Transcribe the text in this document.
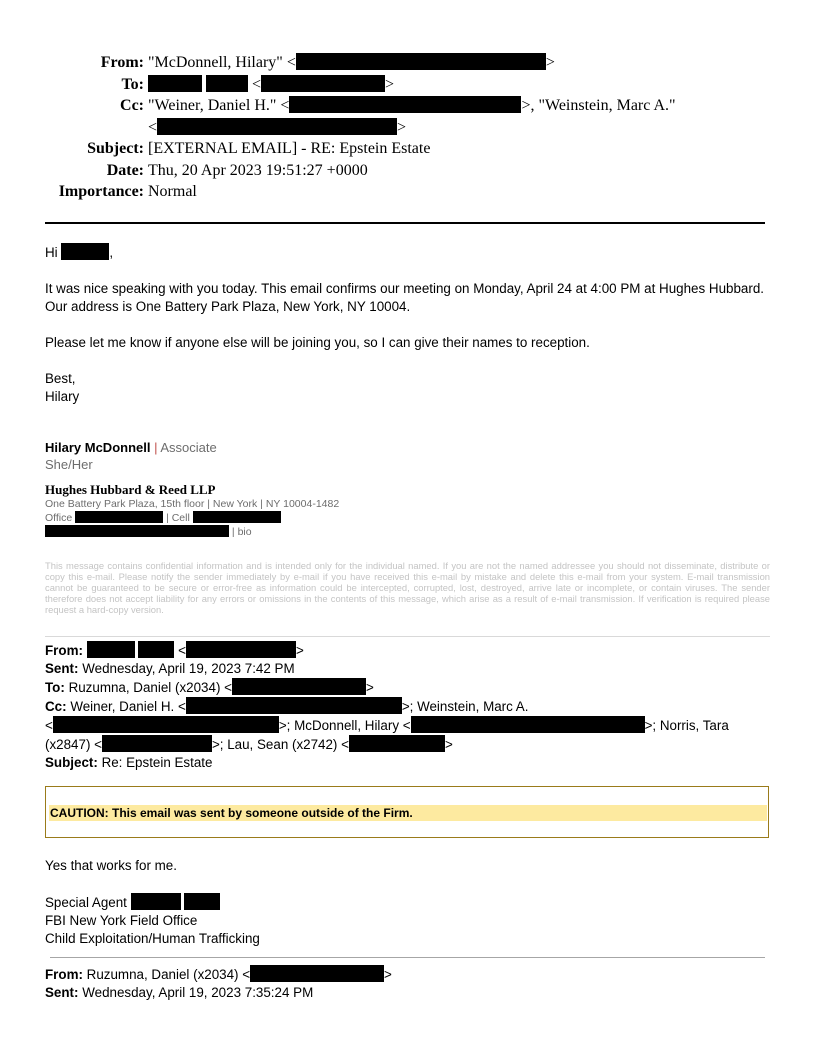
From: "McDonnell, Hilary" <	>
To:	<	>
Cc: "Weiner, Daniel H." <	>, "Weinstein, Marc A."
<	>
Subject: [EXTERNAL EMAIL] - RE: Epstein Estate
Date: Thu, 20 Apr 2023 19:51:27 +0000
Importance: Normal

Hi	,

It was nice speaking with you today. This email confirms our meeting on Monday, April 24 at 4:00 PM at Hughes Hubbard. Our address is One Battery Park Plaza, New York, NY 10004.

Please let me know if anyone else will be joining you, so I can give their names to reception.

Best,

Hilary

Hilary McDonnell | Associate

She/Her

Hughes Hubbard & Reed LLP

One Battery Park Plaza, 15th floor | New York | NY 10004-1482

Office	| Cell

| bio

This message contains confidential information and is intended only for the individual named. If you are not the named addressee you should not disseminate, distribute or copy this e-mail. Please notify the sender immediately by e-mail if you have received this e-mail by mistake and delete this e-mail from your system. E-mail transmission cannot be guaranteed to be secure or error-free as information could be intercepted, corrupted, lost, destroyed, arrive late or incomplete, or contain viruses. The sender therefore does not accept liability for any errors or omissions in the contents of this message, which arise as a result of e-mail transmission. If verification is required please request a hard-copy version.

From:	<	>

Sent: Wednesday, April 19, 2023 7:42 PM

To: Ruzumna, Daniel (x2034) <	>

Cc: Weiner, Daniel H. <	>; Weinstein, Marc A.

<	>; McDonnell, Hilary <	>; Norris, Tara

(x2847) <	>; Lau, Sean (x2742) <	>

Subject: Re: Epstein Estate

CAUTION: This email was sent by someone outside of the Firm.

Yes that works for me.

Special Agent

FBI New York Field Office

Child Exploitation/Human Trafficking

From: Ruzumna, Daniel (x2034) <	>

Sent: Wednesday, April 19, 2023 7:35:24 PM
